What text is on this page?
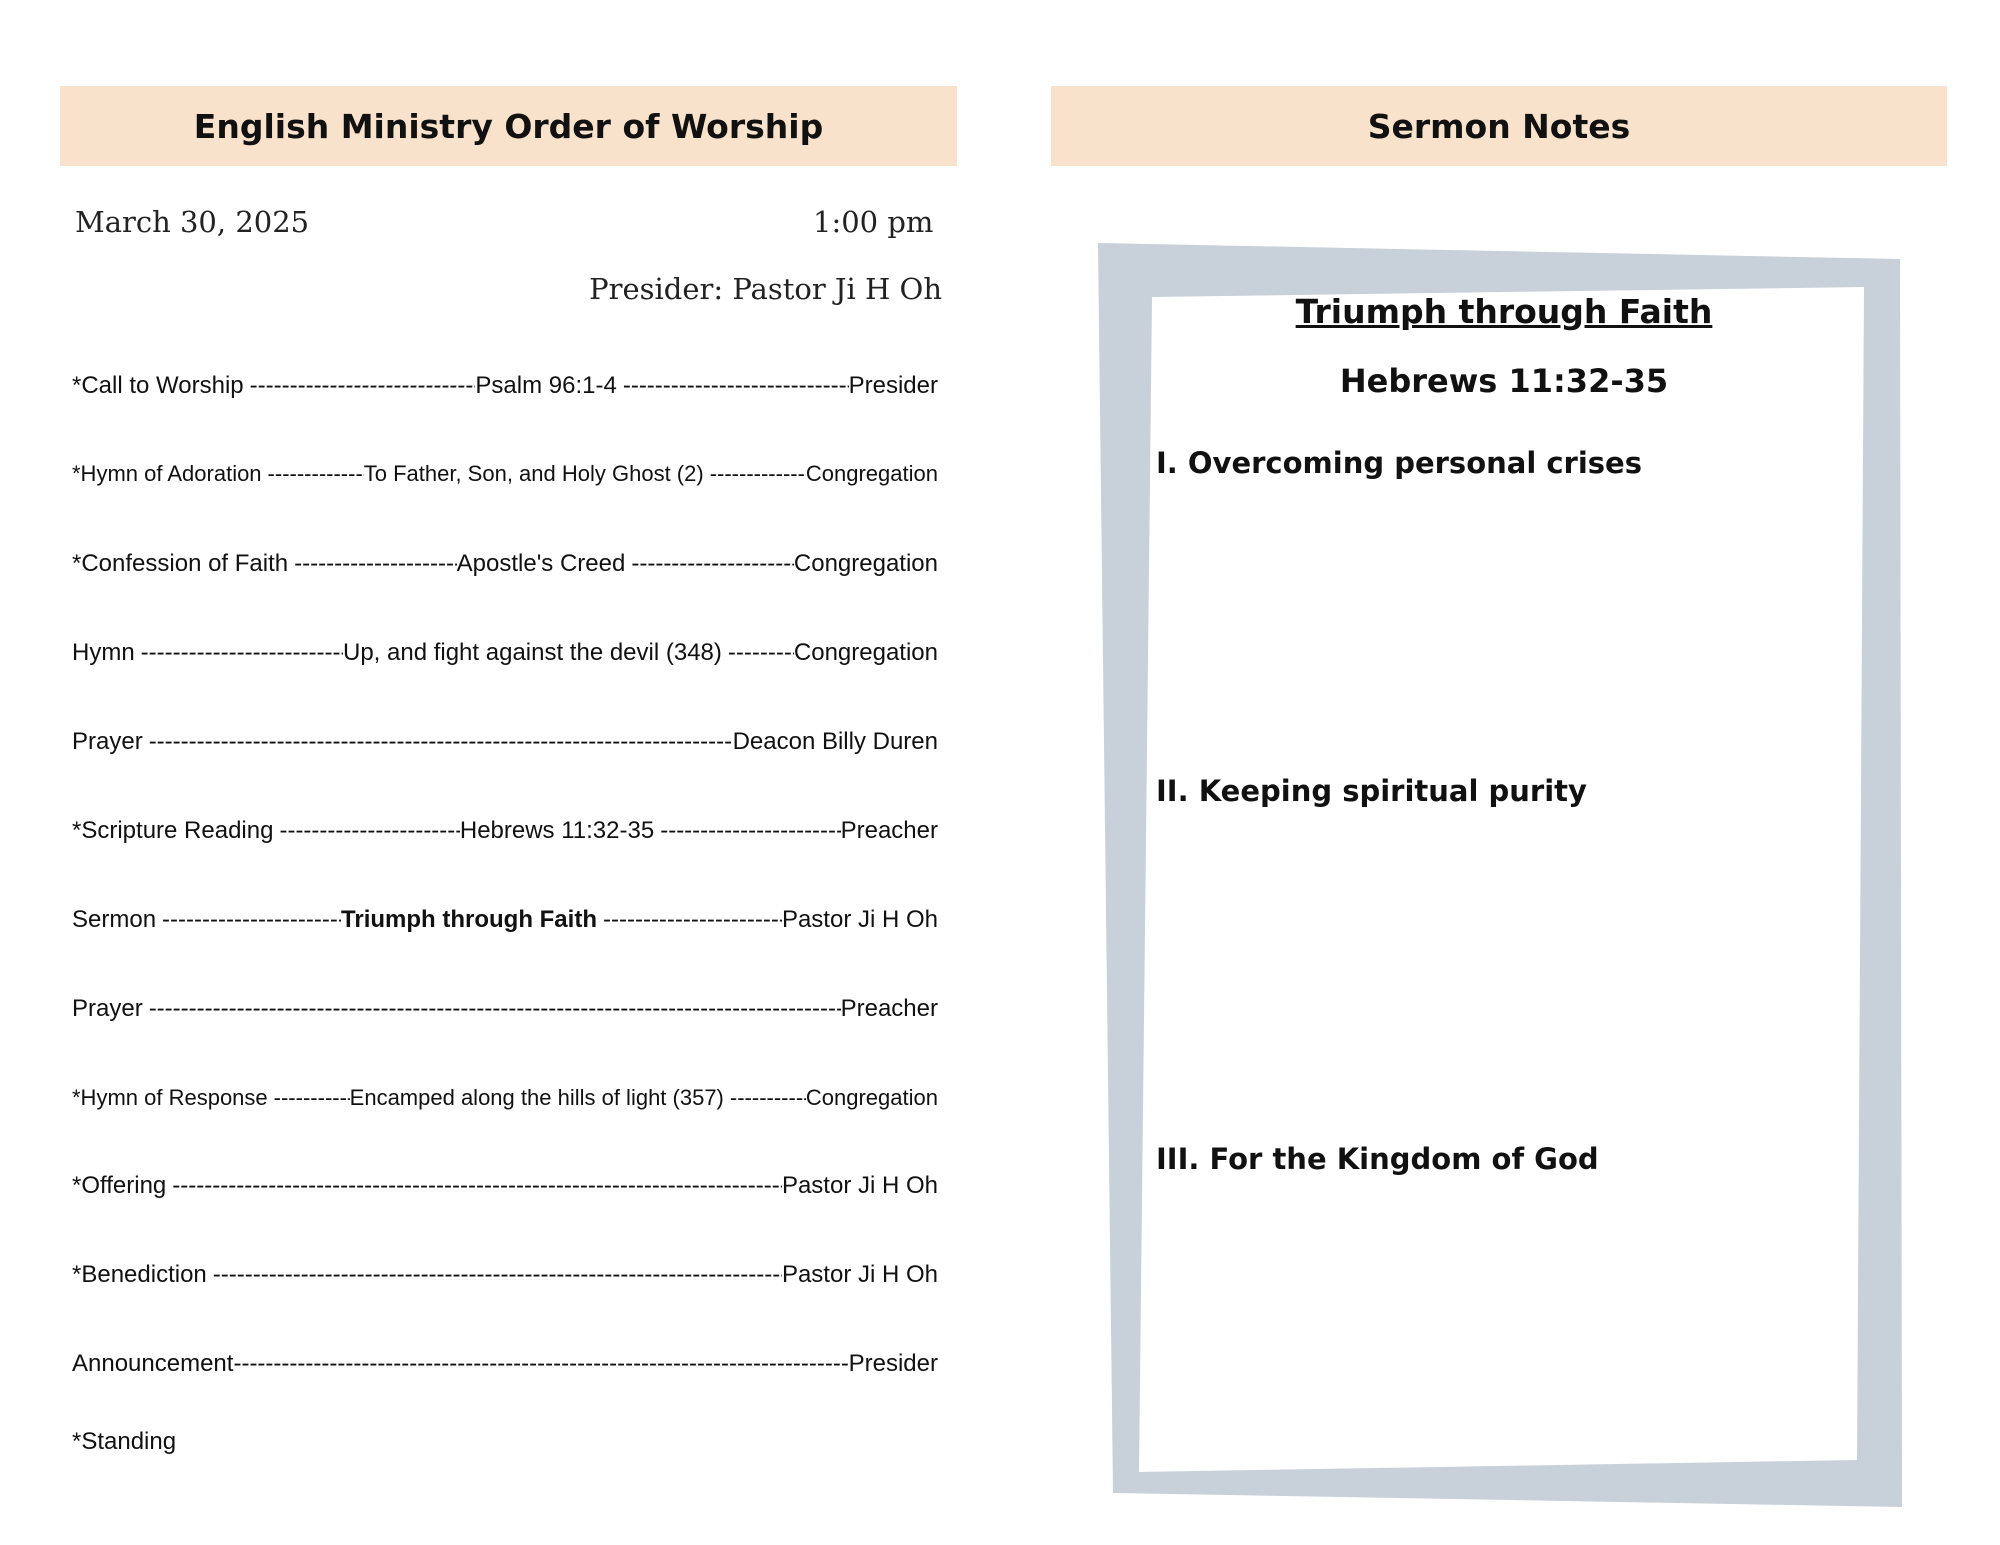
English Ministry Order of Worship
March 30, 2025	1:00 pm
Presider: Pastor Ji H Oh
*Call to Worship -----	Psalm 96:1-4 -----	Presider
*Hymn of Adoration -----	To Father, Son, and Holy Ghost (2) -----	Congregation
*Confession of Faith -----	Apostle's Creed -----	Congregation
Hymn -----	Up, and fight against the devil (348) -----	Congregation
Prayer -----	Deacon Billy Duren
*Scripture Reading -----	Hebrews 11:32-35 -----	Preacher
Sermon -----	Triumph through Faith -----	Pastor Ji H Oh
Prayer -----	Preacher
*Hymn of Response -----	Encamped along the hills of light (357) -----	Congregation
*Offering -----	Pastor Ji H Oh
*Benediction -----	Pastor Ji H Oh
Announcement -----	Presider
*Standing
Sermon Notes
Triumph through Faith
Hebrews 11:32-35
I. Overcoming personal crises
II. Keeping spiritual purity
III. For the Kingdom of God
